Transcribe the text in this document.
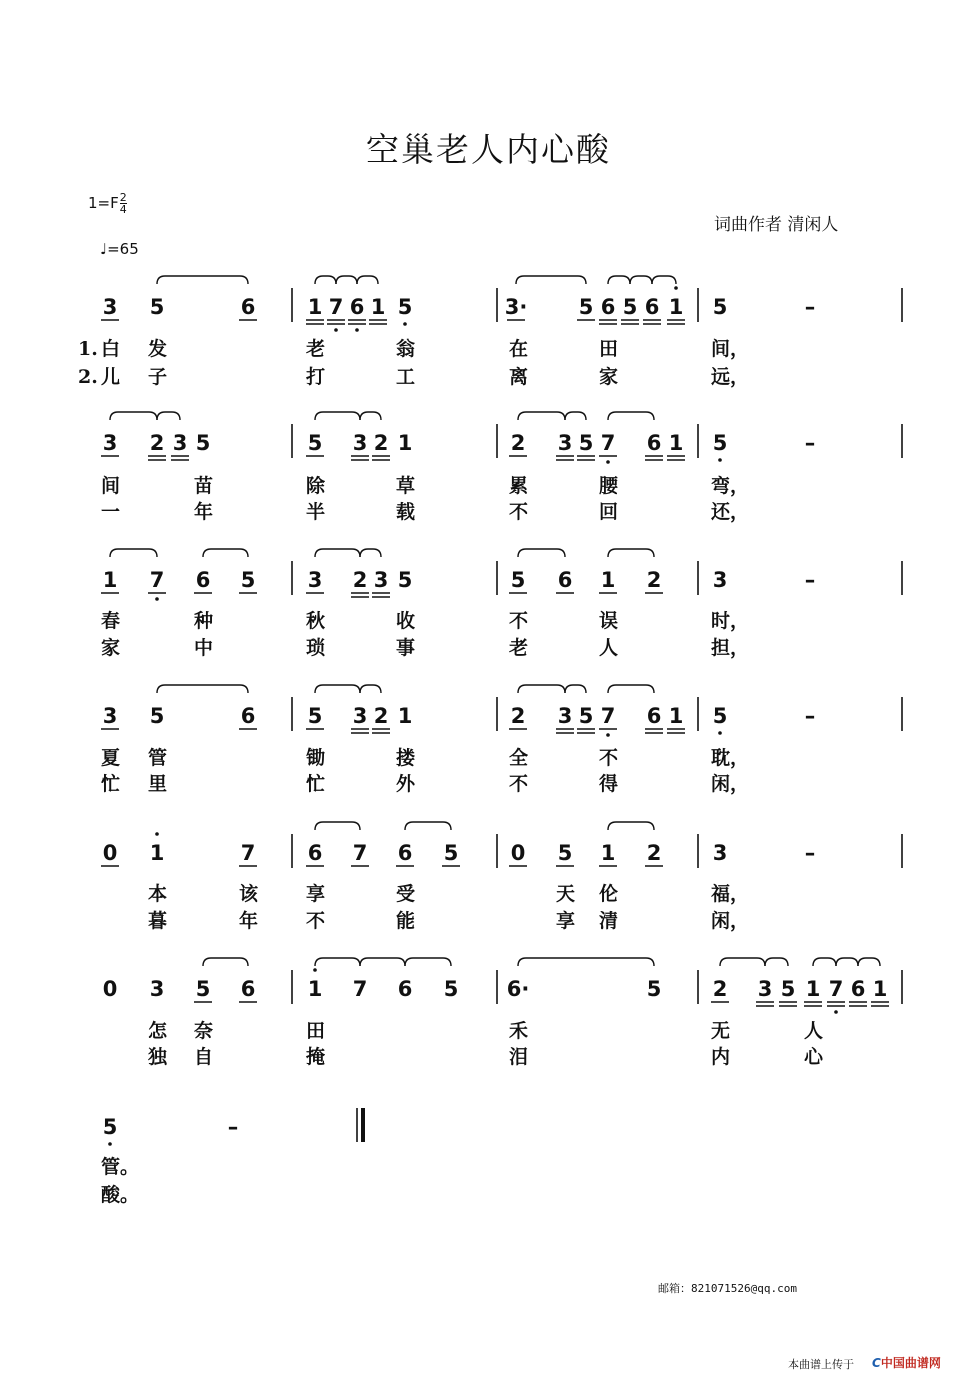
空巢老人内心酸
$1=F \frac{2}{4}$
♩=65
词曲作者 清闲人
1.
2.
3 5	6 1 7 6 1 5	3· 5 6 5 6 1 5	–
3 2 3 5	5 3 2 1	2 3 5 7 6 1 5	–
1 7 6 5 3 2 3 5	5 6 1 2 3	–
3 5	6 5 3 2 1	2 3 5 7 6 1 5	–
0 1	7 6 7 6 5 0 5 1 2 3	–
0 3 5 6 1 7 6 5 6·	5 2 3 5 1 7 6 1
5	–
白 发	老	翁	在	田	间，
儿 子	打	工	离	家	远，
间	苗	除	草	累	腰	弯，
一	年	半	载	不	回	还，
春	种	秋	收	不	误	时，
家	中	琐	事	老	人	担，
夏 管	锄	搂	全	不	耽，
忙 里	忙	外	不	得	闲，
本	该	享	受	天 伦	福，
暮	年	不	能	享 清	闲，
怎 奈	田	禾	无	人
独 自	掩	泪	内	心
管。
酸。
邮箱：821071526@qq.com
本曲谱上传于 C中国曲谱网
